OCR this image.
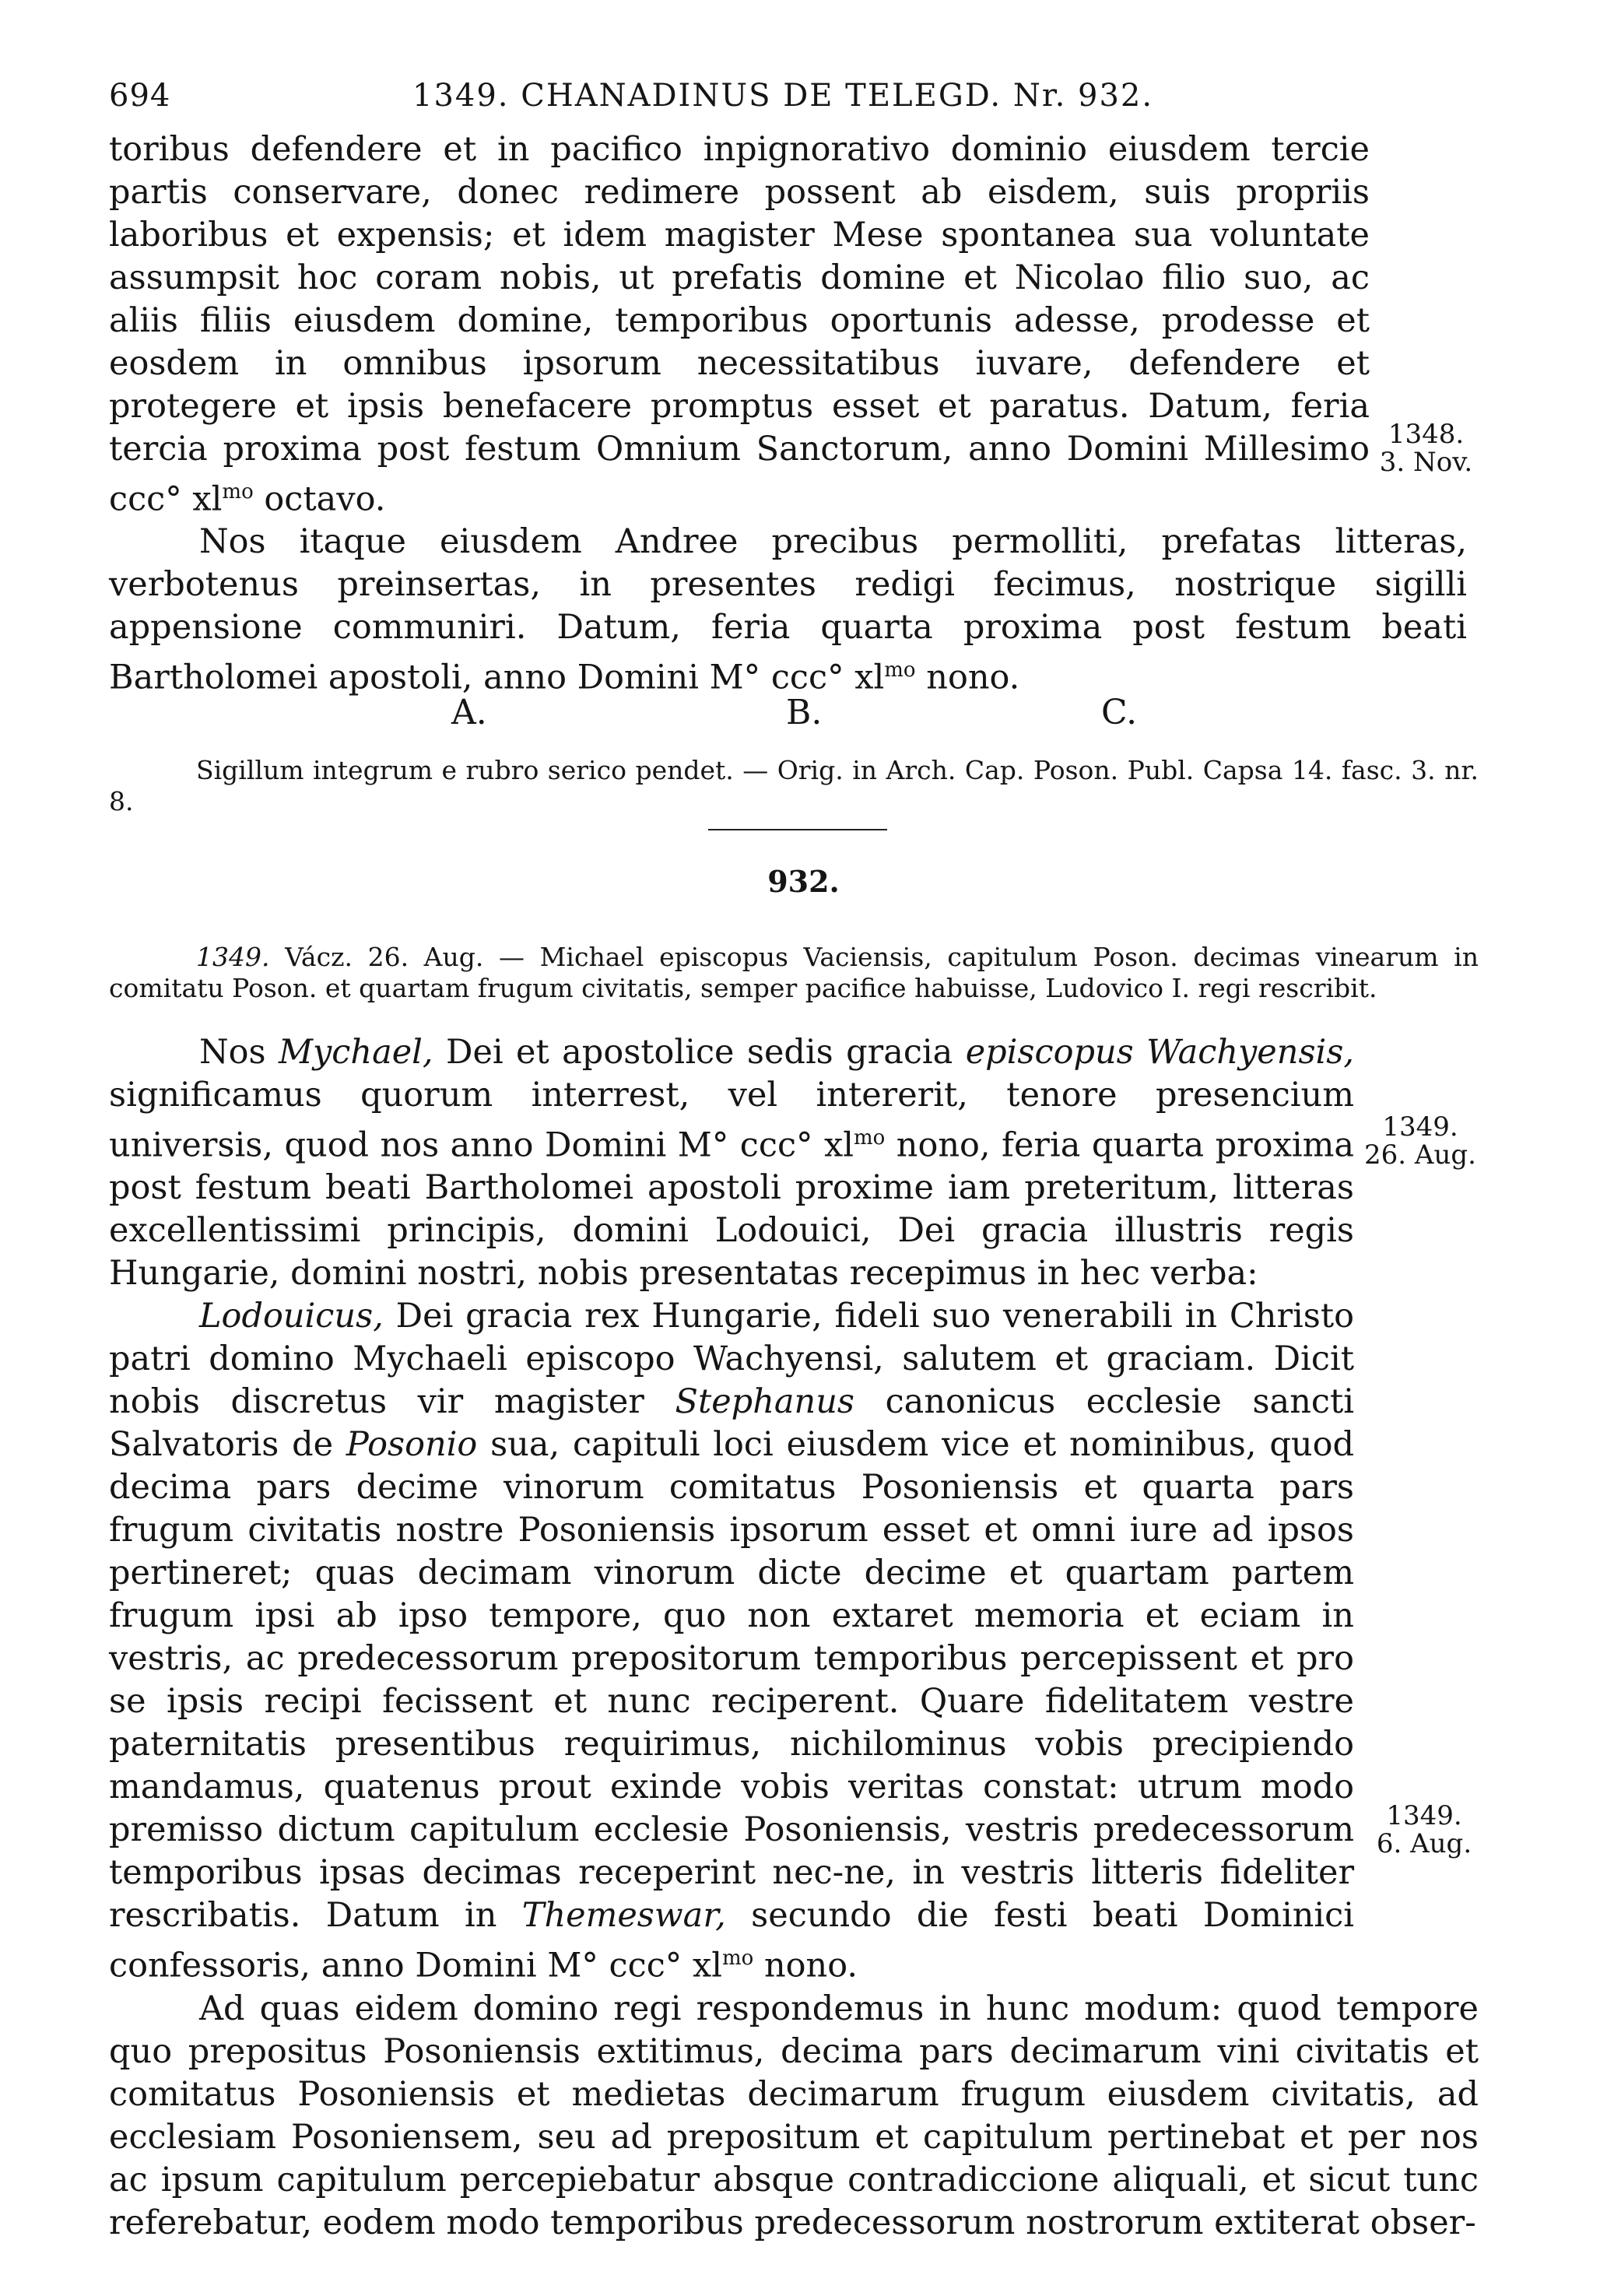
694	1349. CHANADINUS DE TELEGD. Nr. 932.

toribus defendere et in pacifico inpignorativo dominio eiusdem tercie partis conservare, donec redimere possent ab eisdem, suis propriis laboribus et expensis; et idem magister Mese spontanea sua voluntate assumpsit hoc coram nobis, ut prefatis domine et Nicolao filio suo, ac aliis filiis eiusdem domine, temporibus oportunis adesse, prodesse et eosdem in omnibus ipsorum necessitatibus iuvare, defendere et protegere et ipsis benefacere promptus esset et paratus. Datum, feria tercia proxima post festum Omnium Sanctorum, anno Domini Millesimo ccc° $xl^{mo}$ octavo.

Nos itaque eiusdem Andree precibus permolliti, prefatas litteras, verbotenus preinsertas, in presentes redigi fecimus, nostrique sigilli appensione communiri. Datum, feria quarta proxima post festum beati Bartholomei apostoli, anno Domini M° ccc° $xl^{mo}$ nono.

1348.
3. Nov.
A.	B.	C.

Sigillum integrum e rubro serico pendet. — Orig. in Arch. Cap. Poson. Publ. Capsa 14. fasc. 3. nr. 8.

932.

1349. Vácz. 26. Aug. — Michael episcopus Vaciensis, capitulum Poson. decimas vinearum in comitatu Poson. et quartam frugum civitatis, semper pacifice habuisse, Ludovico I. regi rescribit.

Nos Mychael, Dei et apostolice sedis gracia episcopus Wachyensis, significamus quorum interrest, vel intererit, tenore presencium universis, quod nos anno Domini M° ccc° $xl^{mo}$ nono, feria quarta proxima post festum beati Bartholomei apostoli proxime iam preteritum, litteras excellentissimi principis, domini Lodouici, Dei gracia illustris regis Hungarie, domini nostri, nobis presentatas recepimus in hec verba:

Lodouicus, Dei gracia rex Hungarie, fideli suo venerabili in Christo patri domino Mychaeli episcopo Wachyensi, salutem et graciam. Dicit nobis discretus vir magister Stephanus canonicus ecclesie sancti Salvatoris de Posonio sua, capituli loci eiusdem vice et nominibus, quod decima pars decime vinorum comitatus Posoniensis et quarta pars frugum civitatis nostre Posoniensis ipsorum esset et omni iure ad ipsos pertineret; quas decimam vinorum dicte decime et quartam partem frugum ipsi ab ipso tempore, quo non extaret memoria et eciam in vestris, ac predecessorum prepositorum temporibus percepissent et pro se ipsis recipi fecissent et nunc reciperent. Quare fidelitatem vestre paternitatis presentibus requirimus, nichilominus vobis precipiendo mandamus, quatenus prout exinde vobis veritas constat: utrum modo premisso dictum capitulum ecclesie Posoniensis, vestris predecessorum temporibus ipsas decimas receperint nec-ne, in vestris litteris fideliter rescribatis. Datum in Themeswar, secundo die festi beati Dominici confessoris, anno Domini M° ccc° $xl^{mo}$ nono.

Ad quas eidem domino regi respondemus in hunc modum: quod tempore quo prepositus Posoniensis extitimus, decima pars decimarum vini civitatis et comitatus Posoniensis et medietas decimarum frugum eiusdem civitatis, ad ecclesiam Posoniensem, seu ad prepositum et capitulum pertinebat et per nos ac ipsum capitulum percepiebatur absque contradiccione aliquali, et sicut tunc referebatur, eodem modo temporibus predecessorum nostrorum extiterat obser-

1349.
26. Aug.
1349.
6. Aug.
